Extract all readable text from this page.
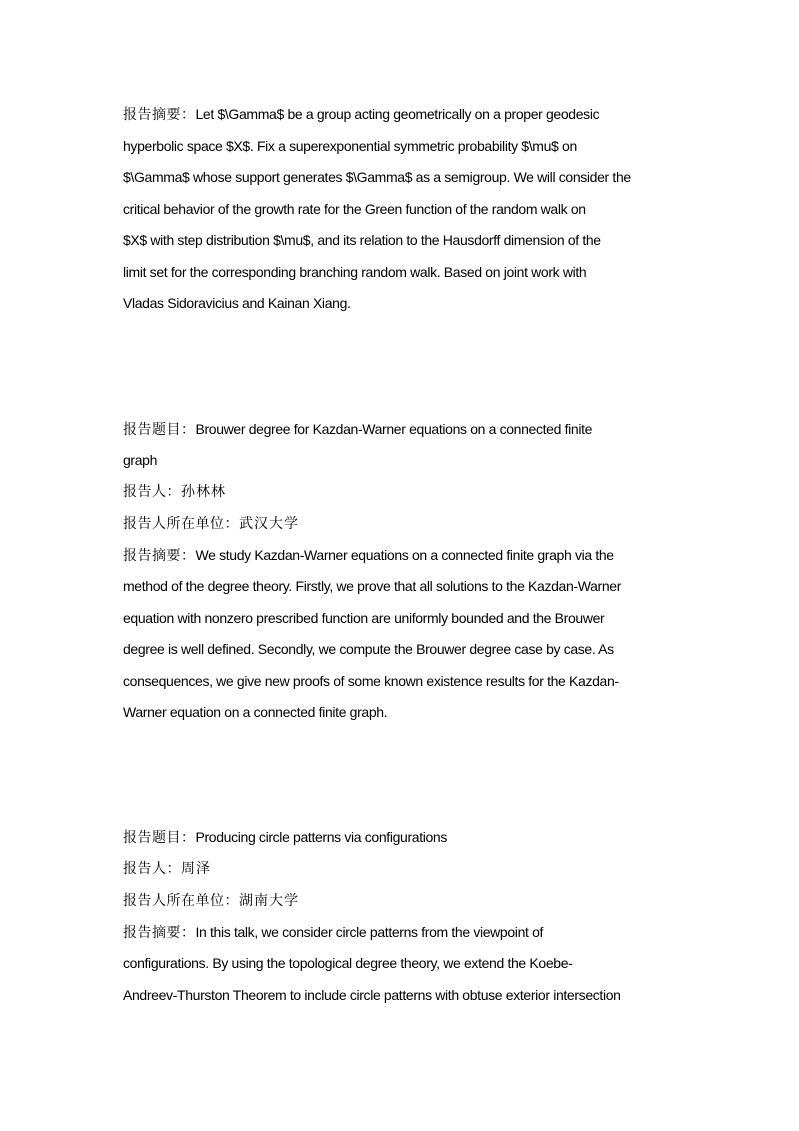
报告摘要：Let $\Gamma$ be a group acting geometrically on a proper geodesic
hyperbolic space $X$. Fix a superexponential symmetric probability $\mu$ on
$\Gamma$ whose support generates $\Gamma$ as a semigroup. We will consider the
critical behavior of the growth rate for the Green function of the random walk on
$X$ with step distribution $\mu$, and its relation to the Hausdorff dimension of the
limit set for the corresponding branching random walk. Based on joint work with
Vladas Sidoravicius and Kainan Xiang.
报告题目：Brouwer degree for Kazdan-Warner equations on a connected finite
graph
报告人：孙林林
报告人所在单位：武汉大学
报告摘要：We study Kazdan-Warner equations on a connected finite graph via the
method of the degree theory. Firstly, we prove that all solutions to the Kazdan-Warner
equation with nonzero prescribed function are uniformly bounded and the Brouwer
degree is well defined. Secondly, we compute the Brouwer degree case by case. As
consequences, we give new proofs of some known existence results for the Kazdan-
Warner equation on a connected finite graph.
报告题目：Producing circle patterns via configurations
报告人：周泽
报告人所在单位：湖南大学
报告摘要：In this talk, we consider circle patterns from the viewpoint of
configurations. By using the topological degree theory, we extend the Koebe-
Andreev-Thurston Theorem to include circle patterns with obtuse exterior intersection
